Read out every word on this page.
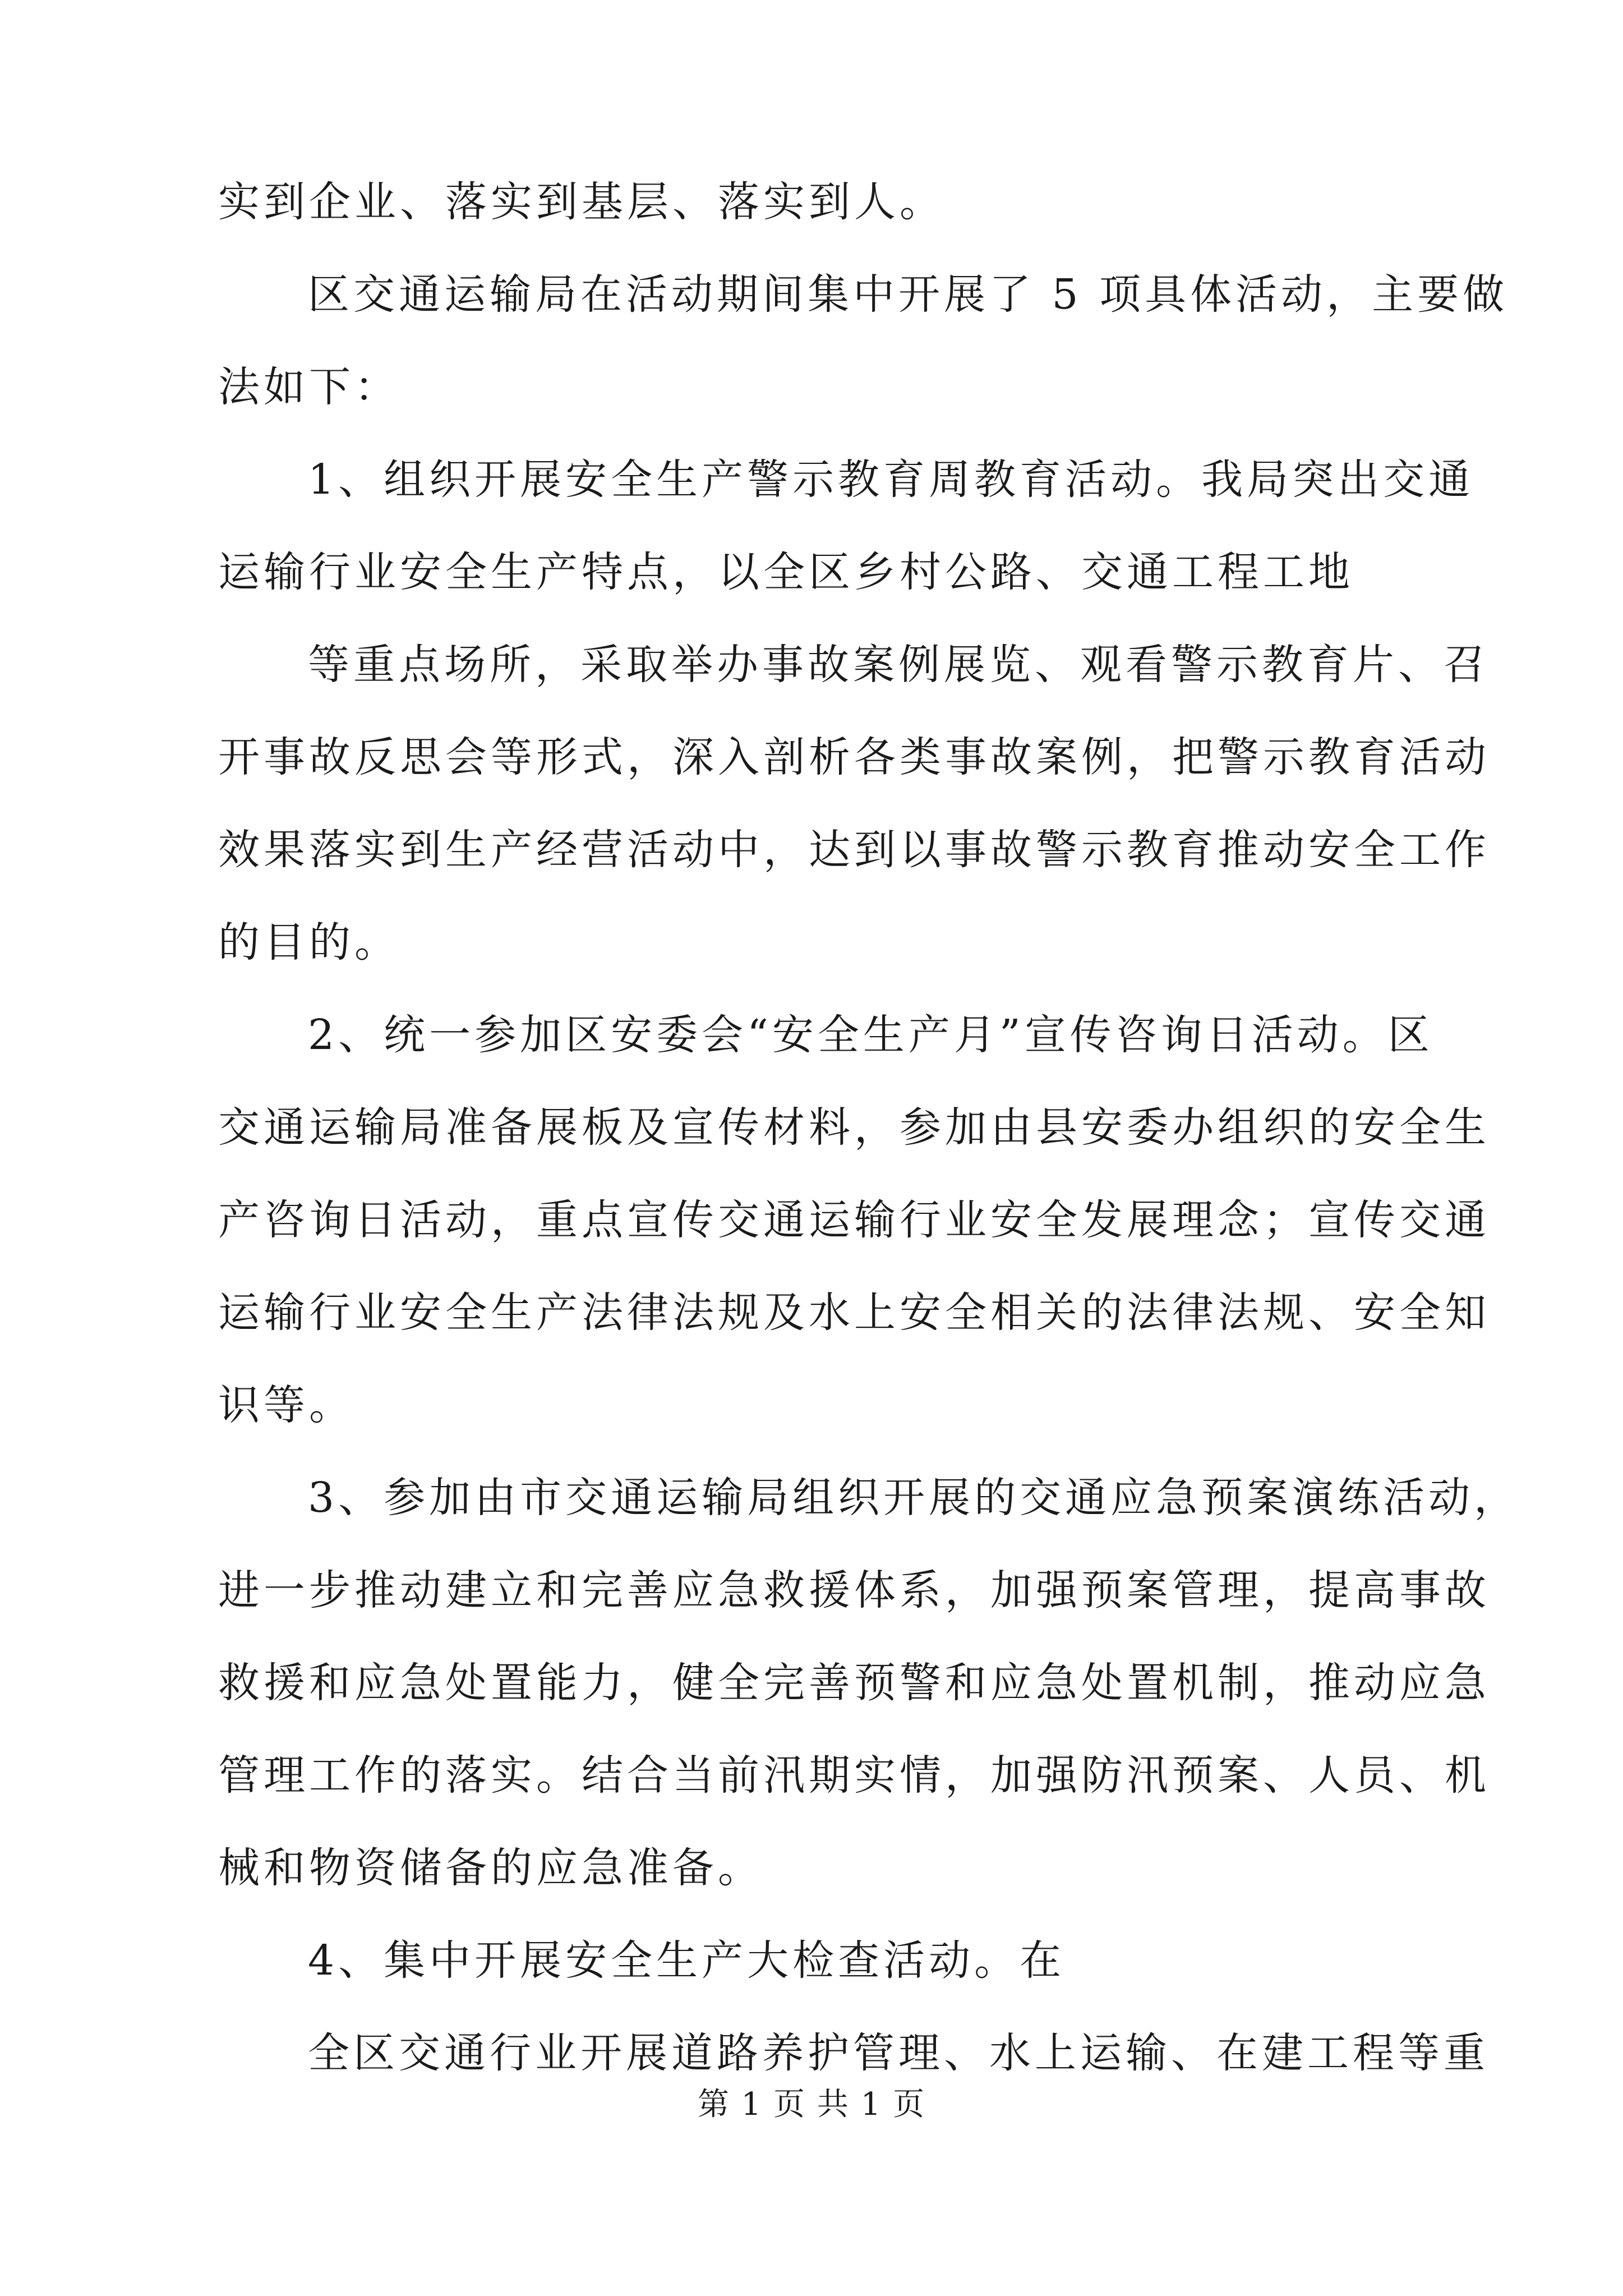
实到企业、落实到基层、落实到人。
区交通运输局在活动期间集中开展了 5 项具体活动，主要做
法如下：
1、组织开展安全生产警示教育周教育活动。我局突出交通
运输行业安全生产特点，以全区乡村公路、交通工程工地
等重点场所，采取举办事故案例展览、观看警示教育片、召
开事故反思会等形式，深入剖析各类事故案例，把警示教育活动
效果落实到生产经营活动中，达到以事故警示教育推动安全工作
的目的。
2、统一参加区安委会“安全生产月”宣传咨询日活动。区
交通运输局准备展板及宣传材料，参加由县安委办组织的安全生
产咨询日活动，重点宣传交通运输行业安全发展理念；宣传交通
运输行业安全生产法律法规及水上安全相关的法律法规、安全知
识等。
3、参加由市交通运输局组织开展的交通应急预案演练活动，
进一步推动建立和完善应急救援体系，加强预案管理，提高事故
救援和应急处置能力，健全完善预警和应急处置机制，推动应急
管理工作的落实。结合当前汛期实情，加强防汛预案、人员、机
械和物资储备的应急准备。
4、集中开展安全生产大检查活动。在
全区交通行业开展道路养护管理、水上运输、在建工程等重
第 1 页 共 1 页
